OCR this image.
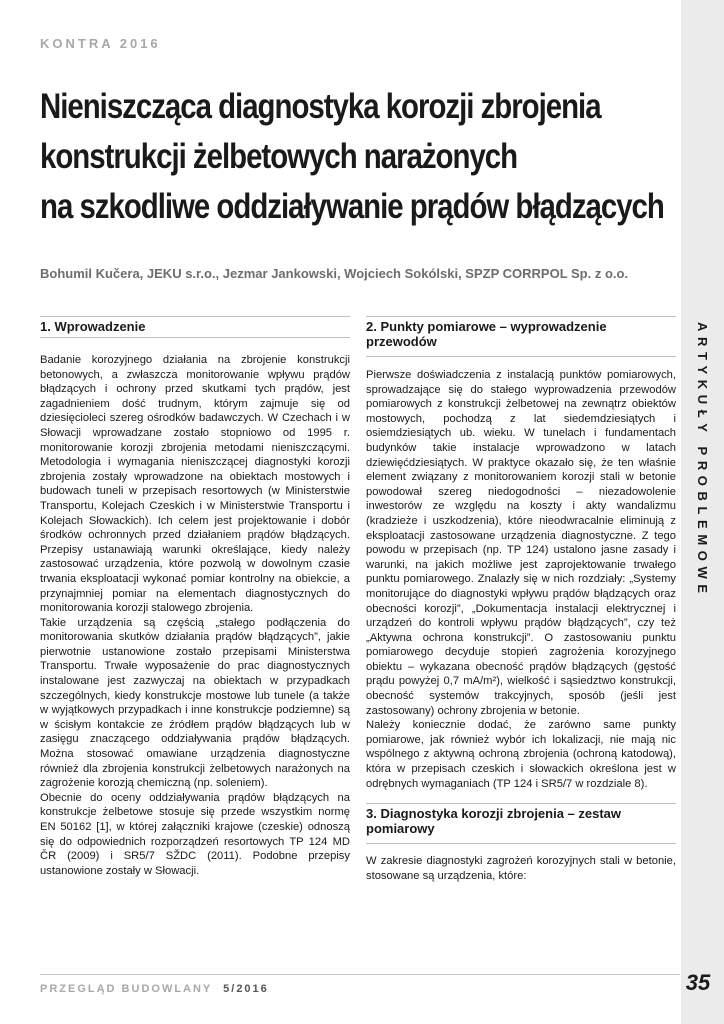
ARTYKUŁY PROBLEMOWE
KONTRA 2016
Nieniszcząca diagnostyka korozji zbrojenia
konstrukcji żelbetowych narażonych
na szkodliwe oddziaływanie prądów błądzących
Bohumil Kučera, JEKU s.r.o., Jezmar Jankowski, Wojciech Sokólski, SPZP CORRPOL Sp. z o.o.
1. Wprowadzenie

Badanie korozyjnego działania na zbrojenie konstrukcji betonowych, a zwłaszcza monitorowanie wpływu prądów błądzących i ochrony przed skutkami tych prądów, jest zagadnieniem dość trudnym, którym zajmuje się od dziesięcioleci szereg ośrodków badawczych. W Czechach i w Słowacji wprowadzane zostało stopniowo od 1995 r. monitorowanie korozji zbrojenia metodami nieniszczącymi. Metodologia i wymagania nieniszczącej diagnostyki korozji zbrojenia zostały wprowadzone na obiektach mostowych i budowach tuneli w przepisach resortowych (w Ministerstwie Transportu, Kolejach Czeskich i w Ministerstwie Transportu i Kolejach Słowackich). Ich celem jest projektowanie i dobór środków ochronnych przed działaniem prądów błądzących. Przepisy ustanawiają warunki określające, kiedy należy zastosować urządzenia, które pozwolą w dowolnym czasie trwania eksploatacji wykonać pomiar kontrolny na obiekcie, a przynajmniej pomiar na elementach diagnostycznych do monitorowania korozji stalowego zbrojenia.

Takie urządzenia są częścią „stałego podłączenia do monitorowania skutków działania prądów błądzących”, jakie pierwotnie ustanowione zostało przepisami Ministerstwa Transportu. Trwałe wyposażenie do prac diagnostycznych instalowane jest zazwyczaj na obiektach w przypadkach szczególnych, kiedy konstrukcje mostowe lub tunele (a także w wyjątkowych przypadkach i inne konstrukcje podziemne) są w ścisłym kontakcie ze źródłem prądów błądzących lub w zasięgu znaczącego oddziaływania prądów błądzących. Można stosować omawiane urządzenia diagnostyczne również dla zbrojenia konstrukcji żelbetowych narażonych na zagrożenie korozją chemiczną (np. soleniem).

Obecnie do oceny oddziaływania prądów błądzących na konstrukcje żelbetowe stosuje się przede wszystkim normę EN 50162 [1], w której załączniki krajowe (czeskie) odnoszą się do odpowiednich rozporządzeń resortowych TP 124 MD ČR (2009) i SR5/7 SŽDC (2011). Podobne przepisy ustanowione zostały w Słowacji.

2. Punkty pomiarowe – wyprowadzenie przewodów

Pierwsze doświadczenia z instalacją punktów pomiarowych, sprowadzające się do stałego wyprowadzenia przewodów pomiarowych z konstrukcji żelbetowej na zewnątrz obiektów mostowych, pochodzą z lat siedemdziesiątych i osiemdziesiątych ub. wieku. W tunelach i fundamentach budynków takie instalacje wprowadzono w latach dziewięćdziesiątych. W praktyce okazało się, że ten właśnie element związany z monitorowaniem korozji stali w betonie powodował szereg niedogodności – niezadowolenie inwestorów ze względu na koszty i akty wandalizmu (kradzieże i uszkodzenia), które nieodwracalnie eliminują z eksploatacji zastosowane urządzenia diagnostyczne. Z tego powodu w przepisach (np. TP 124) ustalono jasne zasady i warunki, na jakich możliwe jest zaprojektowanie trwałego punktu pomiarowego. Znalazły się w nich rozdziały: „Systemy monitorujące do diagnostyki wpływu prądów błądzących oraz obecności korozji”, „Dokumentacja instalacji elektrycznej i urządzeń do kontroli wpływu prądów błądzących”, czy też „Aktywna ochrona konstrukcji”. O zastosowaniu punktu pomiarowego decyduje stopień zagrożenia korozyjnego obiektu – wykazana obecność prądów błądzących (gęstość prądu powyżej 0,7 mA/m²), wielkość i sąsiedztwo konstrukcji, obecność systemów trakcyjnych, sposób (jeśli jest zastosowany) ochrony zbrojenia w betonie.

Należy koniecznie dodać, że zarówno same punkty pomiarowe, jak również wybór ich lokalizacji, nie mają nic wspólnego z aktywną ochroną zbrojenia (ochroną katodową), która w przepisach czeskich i słowackich określona jest w odrębnych wymaganiach (TP 124 i SR5/7 w rozdziale 8).

3. Diagnostyka korozji zbrojenia – zestaw pomiarowy

W zakresie diagnostyki zagrożeń korozyjnych stali w betonie, stosowane są urządzenia, które:

PRZEGLĄD BUDOWLANY 5/2016	35
